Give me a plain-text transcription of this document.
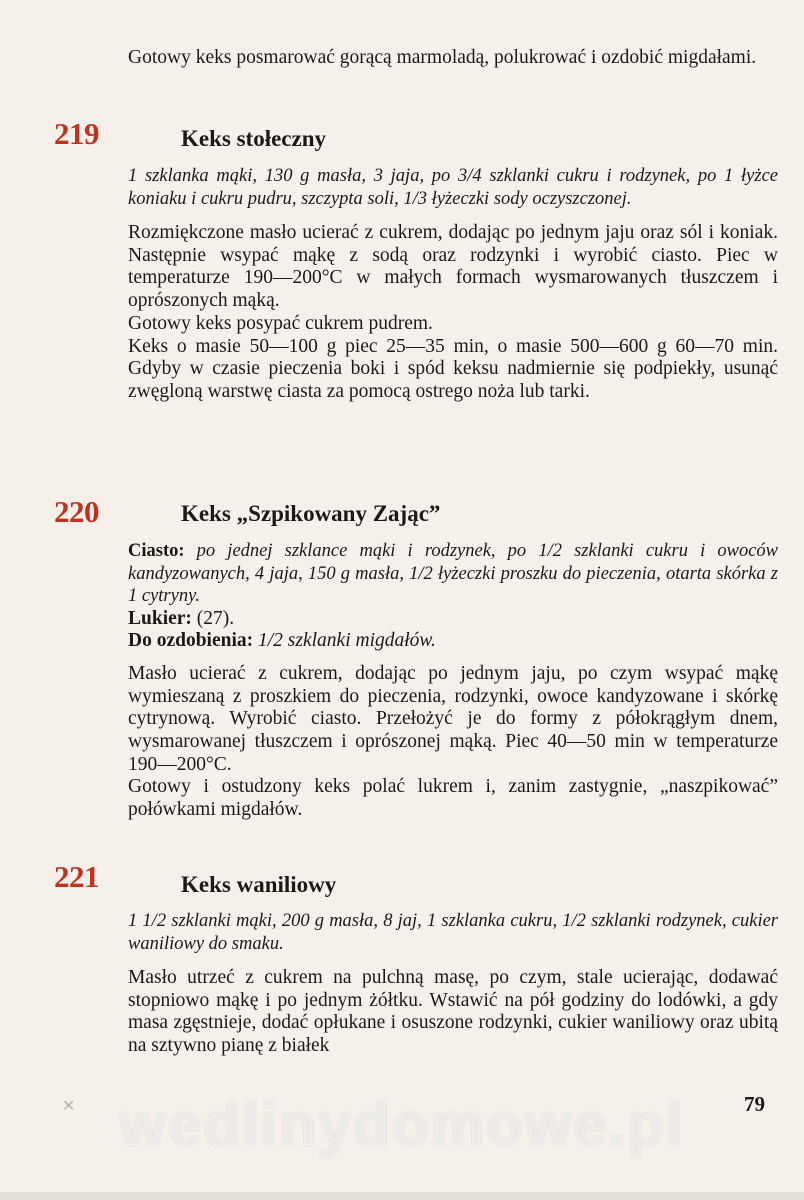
Gotowy keks posmarować gorącą marmoladą, polukrować i ozdobić migdałami.

219	Keks stołeczny

1 szklanka mąki, 130 g masła, 3 jaja, po 3/4 szklanki cukru i rodzynek, po 1 łyżce koniaku i cukru pudru, szczypta soli, 1/3 łyżeczki sody oczyszczonej.

Rozmiękczone masło ucierać z cukrem, dodając po jednym jaju oraz sól i koniak. Następnie wsypać mąkę z sodą oraz rodzynki i wyrobić ciasto. Piec w temperaturze 190—200°C w małych formach wysmarowanych tłuszczem i oprószonych mąką.

Gotowy keks posypać cukrem pudrem.

Keks o masie 50—100 g piec 25—35 min, o masie 500—600 g 60—70 min. Gdyby w czasie pieczenia boki i spód keksu nadmiernie się podpiekły, usunąć zwęgloną warstwę ciasta za pomocą ostrego noża lub tarki.

220	Keks „Szpikowany Zając”

Ciasto: po jednej szklance mąki i rodzynek, po 1/2 szklanki cukru i owoców kandyzowanych, 4 jaja, 150 g masła, 1/2 łyżeczki proszku do pieczenia, otarta skórka z 1 cytryny.

Lukier: (27).

Do ozdobienia: 1/2 szklanki migdałów.

Masło ucierać z cukrem, dodając po jednym jaju, po czym wsypać mąkę wymieszaną z proszkiem do pieczenia, rodzynki, owoce kandyzowane i skórkę cytrynową. Wyrobić ciasto. Przełożyć je do formy z półokrągłym dnem, wysmarowanej tłuszczem i oprószonej mąką. Piec 40—50 min w temperaturze 190—200°C.

Gotowy i ostudzony keks polać lukrem i, zanim zastygnie, „naszpikować” połówkami migdałów.

221	Keks waniliowy

1 1/2 szklanki mąki, 200 g masła, 8 jaj, 1 szklanka cukru, 1/2 szklanki rodzynek, cukier waniliowy do smaku.

Masło utrzeć z cukrem na pulchną masę, po czym, stale ucierając, dodawać stopniowo mąkę i po jednym żółtku. Wstawić na pół godziny do lodówki, a gdy masa zgęstnieje, dodać opłukane i osuszone rodzynki, cukier waniliowy oraz ubitą na sztywno pianę z białek

✕ wedlinydomowe.pl	79
